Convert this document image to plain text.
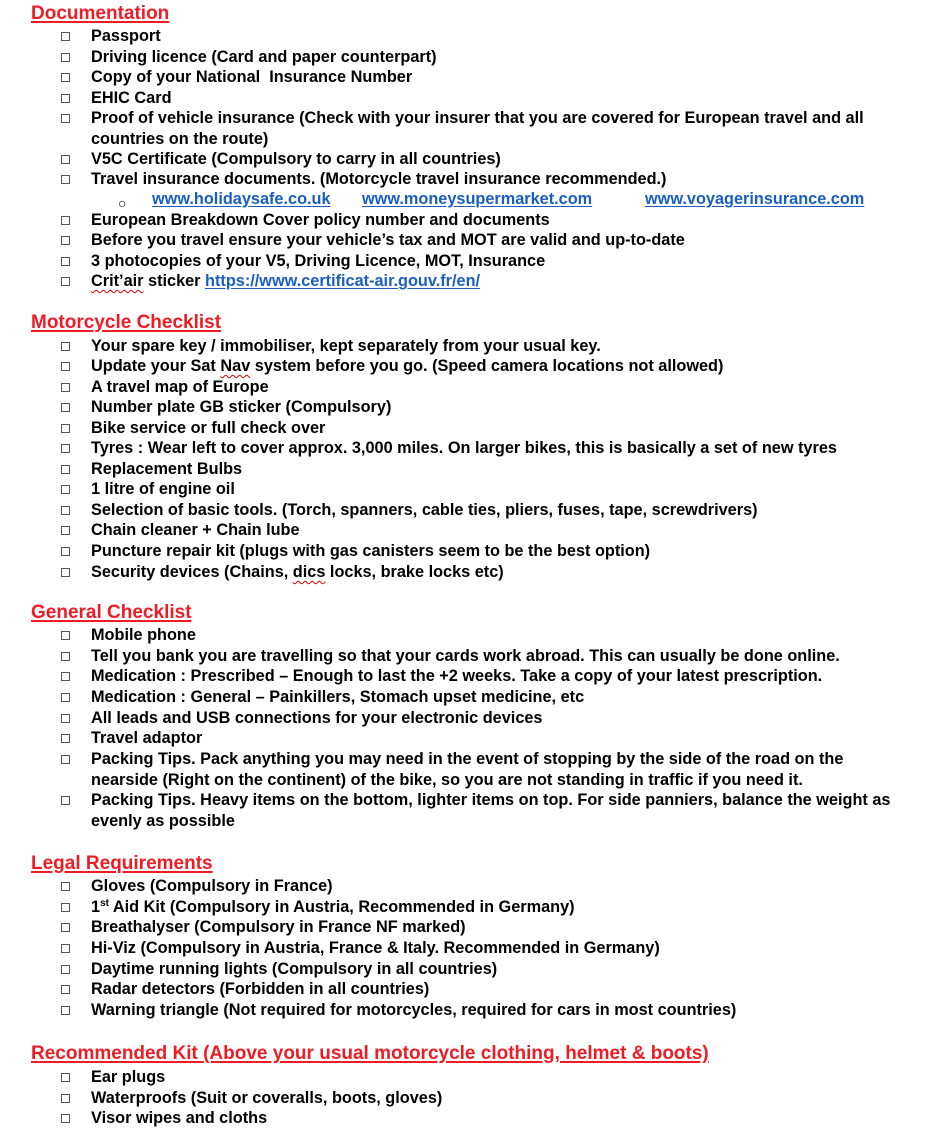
Documentation
Passport
Driving licence (Card and paper counterpart)
Copy of your National  Insurance Number
EHIC Card
Proof of vehicle insurance (Check with your insurer that you are covered for European travel and all countries on the route)
V5C Certificate (Compulsory to carry in all countries)
Travel insurance documents. (Motorcycle travel insurance recommended.)
○ www.holidaysafe.co.uk www.moneysupermarket.com	www.voyagerinsurance.com
European Breakdown Cover policy number and documents
Before you travel ensure your vehicle’s tax and MOT are valid and up-to-date
3 photocopies of your V5, Driving Licence, MOT, Insurance
Crit’air sticker https://www.certificat-air.gouv.fr/en/
Motorcycle Checklist
Your spare key / immobiliser, kept separately from your usual key.
Update your Sat Nav system before you go. (Speed camera locations not allowed)
A travel map of Europe
Number plate GB sticker (Compulsory)
Bike service or full check over
Tyres : Wear left to cover approx. 3,000 miles. On larger bikes, this is basically a set of new tyres
Replacement Bulbs
1 litre of engine oil
Selection of basic tools. (Torch, spanners, cable ties, pliers, fuses, tape, screwdrivers)
Chain cleaner + Chain lube
Puncture repair kit (plugs with gas canisters seem to be the best option)
Security devices (Chains, dics locks, brake locks etc)
General Checklist
Mobile phone
Tell you bank you are travelling so that your cards work abroad. This can usually be done online.
Medication : Prescribed – Enough to last the +2 weeks. Take a copy of your latest prescription.
Medication : General – Painkillers, Stomach upset medicine, etc
All leads and USB connections for your electronic devices
Travel adaptor
Packing Tips. Pack anything you may need in the event of stopping by the side of the road on the nearside (Right on the continent) of the bike, so you are not standing in traffic if you need it.
Packing Tips. Heavy items on the bottom, lighter items on top. For side panniers, balance the weight as evenly as possible
Legal Requirements
Gloves (Compulsory in France)
1st Aid Kit (Compulsory in Austria, Recommended in Germany)
Breathalyser (Compulsory in France NF marked)
Hi-Viz (Compulsory in Austria, France & Italy. Recommended in Germany)
Daytime running lights (Compulsory in all countries)
Radar detectors (Forbidden in all countries)
Warning triangle (Not required for motorcycles, required for cars in most countries)
Recommended Kit (Above your usual motorcycle clothing, helmet & boots)
Ear plugs
Waterproofs (Suit or coveralls, boots, gloves)
Visor wipes and cloths
